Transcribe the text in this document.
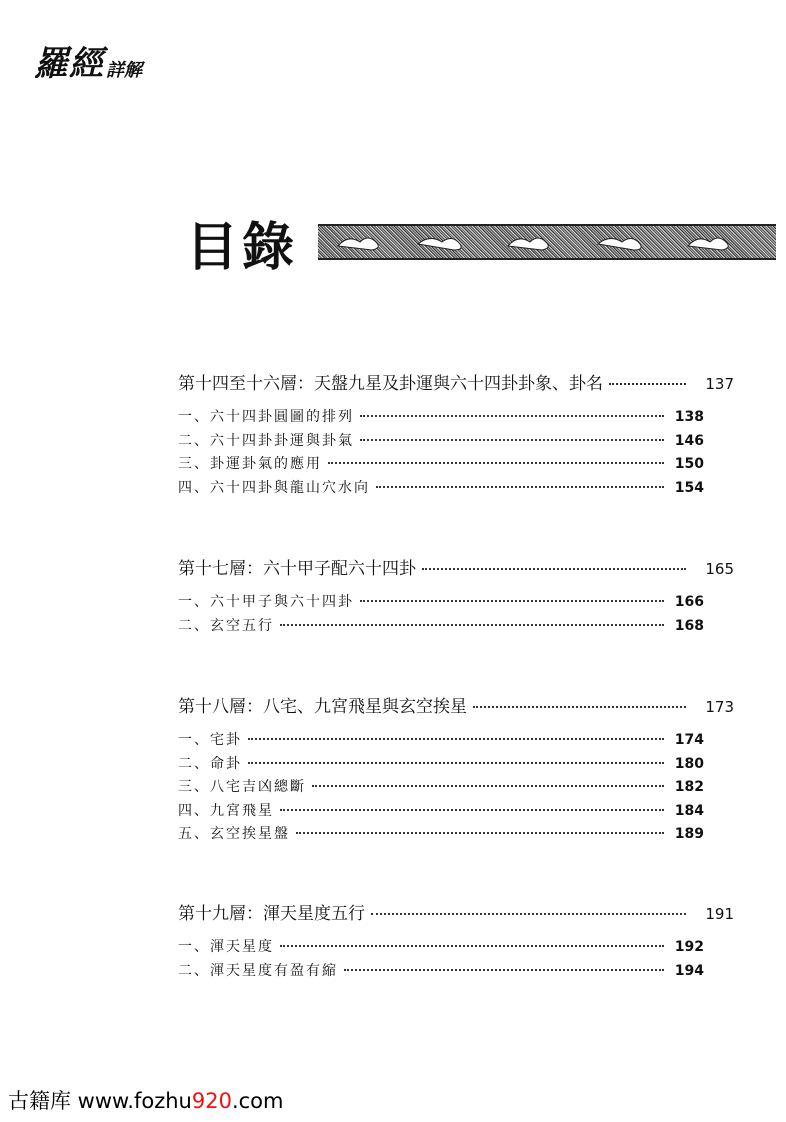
羅經 詳解
目錄
第十四至十六層：天盤九星及卦運與六十四卦卦象、卦名	137
一、六十四卦圓圖的排列	138
二、六十四卦卦運與卦氣	146
三、卦運卦氣的應用	150
四、六十四卦與龍山穴水向	154
第十七層：六十甲子配六十四卦	165
一、六十甲子與六十四卦	166
二、玄空五行	168
第十八層：八宅、九宮飛星與玄空挨星	173
一、宅卦	174
二、命卦	180
三、八宅吉凶總斷	182
四、九宮飛星	184
五、玄空挨星盤	189
第十九層：渾天星度五行	191
一、渾天星度	192
二、渾天星度有盈有縮	194
古籍库 www.fozhu920.com
